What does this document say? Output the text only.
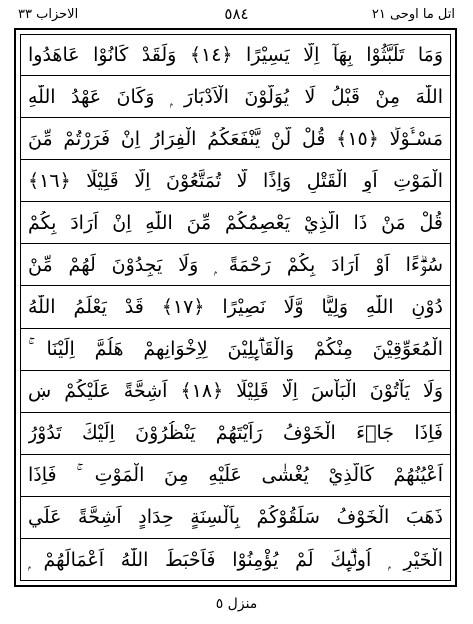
الاحزاب ٣٣	٥٨٤	اتل ما اوحی ٢١
وَمَا تَلَبَّثُوْا بِهَآ اِلَّا يَسِيْرًا ﴿١٤﴾ وَلَقَدْ كَانُوْا عَاهَدُوا
اللّٰهَ مِنْ قَبْلُ لَا يُوَلُّوْنَ الْاَدْبَارَ ۭ وَكَانَ عَهْدُ اللّٰهِ
مَسْـُٔوْلًا ﴿١٥﴾ قُلْ لَّنْ يَّنْفَعَكُمُ الْفِرَارُ اِنْ فَرَرْتُمْ مِّنَ
الْمَوْتِ اَوِ الْقَتْلِ وَاِذًا لَّا تُمَتَّعُوْنَ اِلَّا قَلِيْلًا ﴿١٦﴾
قُلْ مَنْ ذَا الَّذِيْ يَعْصِمُكُمْ مِّنَ اللّٰهِ اِنْ اَرَادَ بِكُمْ
سُوْۗءًا اَوْ اَرَادَ بِكُمْ رَحْمَةً ۭ وَلَا يَجِدُوْنَ لَهُمْ مِّنْ
دُوْنِ اللّٰهِ وَلِيًّا وَّلَا نَصِيْرًا ﴿١٧﴾ قَدْ يَعْلَمُ اللّٰهُ
الْمُعَوِّقِيْنَ مِنْكُمْ وَالْقَاۗىِٕلِيْنَ لِاِخْوَانِهِمْ هَلُمَّ اِلَيْنَا ۚ
وَلَا يَاْتُوْنَ الْبَاْسَ اِلَّا قَلِيْلًا ﴿١٨﴾ اَشِحَّةً عَلَيْكُمْ ښ
فَاِذَا جَاۗءَ الْخَوْفُ رَاَيْتَهُمْ يَنْظُرُوْنَ اِلَيْكَ تَدُوْرُ
اَعْيُنُهُمْ كَالَّذِيْ يُغْشٰى عَلَيْهِ مِنَ الْمَوْتِ ۚ فَاِذَا
ذَهَبَ الْخَوْفُ سَلَقُوْكُمْ بِاَلْسِنَةٍ حِدَادٍ اَشِحَّةً عَلَي
الْخَيْرِ ۭ اُولٰۗىِٕكَ لَمْ يُؤْمِنُوْا فَاَحْبَطَ اللّٰهُ اَعْمَالَهُمْ ۭ
منزل ٥
